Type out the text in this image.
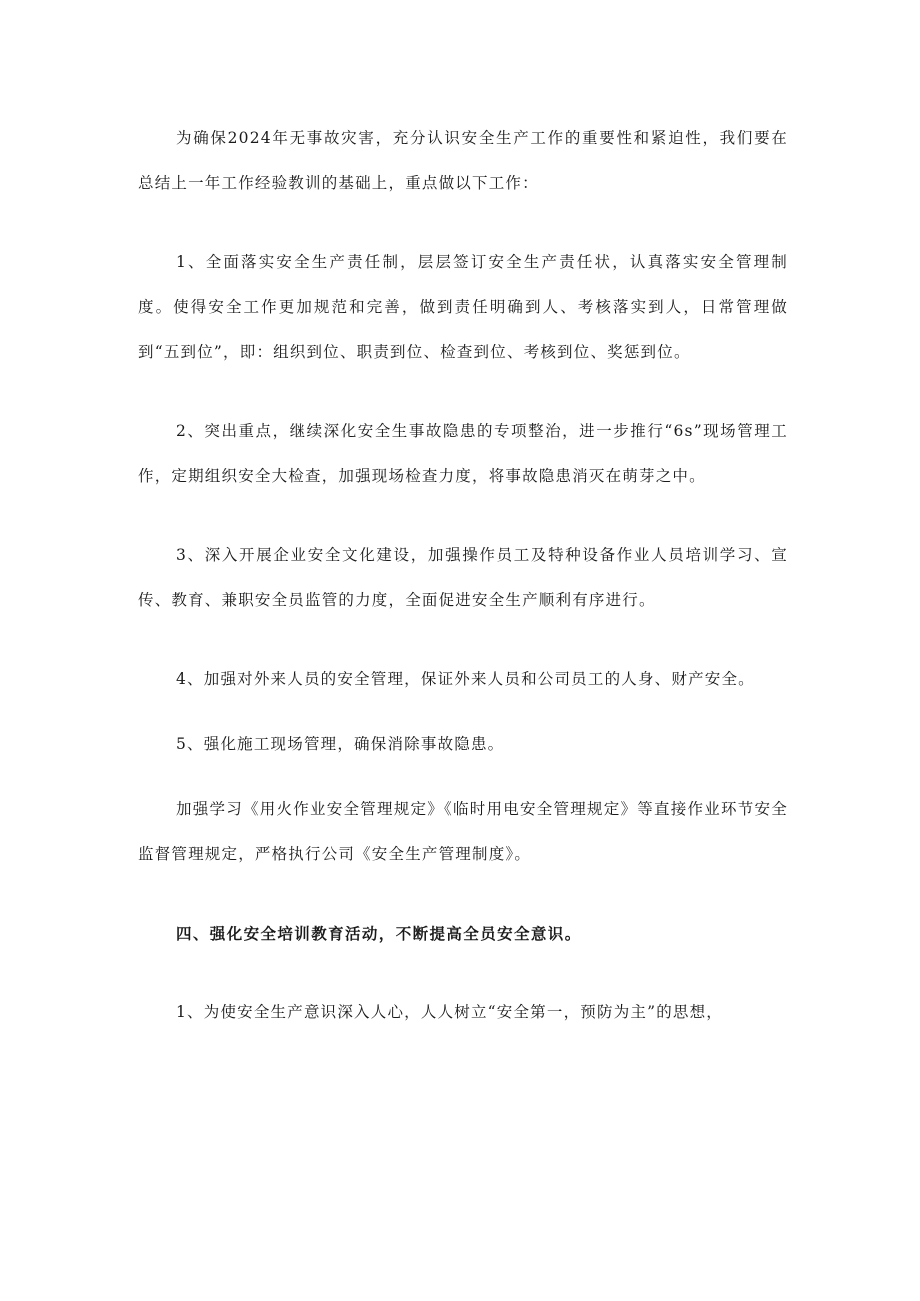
为确保2024年无事故灾害，充分认识安全生产工作的重要性和紧迫性，我们要在总结上一年工作经验教训的基础上，重点做以下工作：

1、全面落实安全生产责任制，层层签订安全生产责任状，认真落实安全管理制度。使得安全工作更加规范和完善，做到责任明确到人、考核落实到人，日常管理做到“五到位”，即：组织到位、职责到位、检查到位、考核到位、奖惩到位。

2、突出重点，继续深化安全生事故隐患的专项整治，进一步推行“6s”现场管理工作，定期组织安全大检查，加强现场检查力度，将事故隐患消灭在萌芽之中。

3、深入开展企业安全文化建设，加强操作员工及特种设备作业人员培训学习、宣传、教育、兼职安全员监管的力度，全面促进安全生产顺利有序进行。

4、加强对外来人员的安全管理，保证外来人员和公司员工的人身、财产安全。

5、强化施工现场管理，确保消除事故隐患。

加强学习《用火作业安全管理规定》《临时用电安全管理规定》等直接作业环节安全监督管理规定，严格执行公司《安全生产管理制度》。

四、强化安全培训教育活动，不断提高全员安全意识。

1、为使安全生产意识深入人心，人人树立“安全第一，预防为主”的思想，
